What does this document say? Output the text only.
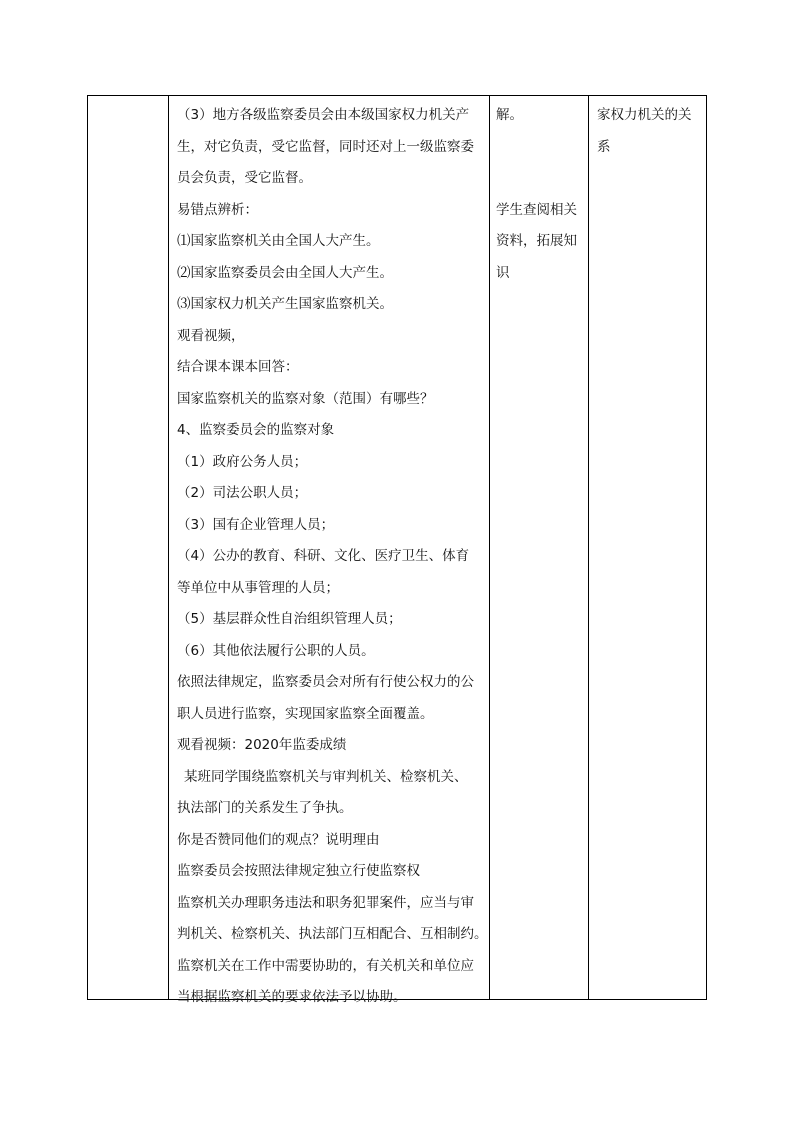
（3）地方各级监察委员会由本级国家权力机关产
生，对它负责，受它监督，同时还对上一级监察委
员会负责，受它监督。
易错点辨析：
⑴国家监察机关由全国人大产生。
⑵国家监察委员会由全国人大产生。
⑶国家权力机关产生国家监察机关。
观看视频，
结合课本课本回答：
国家监察机关的监察对象（范围）有哪些？
4、监察委员会的监察对象
（1）政府公务人员；
（2）司法公职人员；
（3）国有企业管理人员；
（4）公办的教育、科研、文化、医疗卫生、体育
等单位中从事管理的人员；
（5）基层群众性自治组织管理人员；
（6）其他依法履行公职的人员。
依照法律规定，监察委员会对所有行使公权力的公
职人员进行监察，实现国家监察全面覆盖。
观看视频：2020年监委成绩
某班同学围绕监察机关与审判机关、检察机关、
执法部门的关系发生了争执。
你是否赞同他们的观点？说明理由
监察委员会按照法律规定独立行使监察权
监察机关办理职务违法和职务犯罪案件，应当与审
判机关、检察机关、执法部门互相配合、互相制约。
监察机关在工作中需要协助的，有关机关和单位应
当根据监察机关的要求依法予以协助。
解。

学生查阅相关
资料，拓展知
识
家权力机关的关
系
